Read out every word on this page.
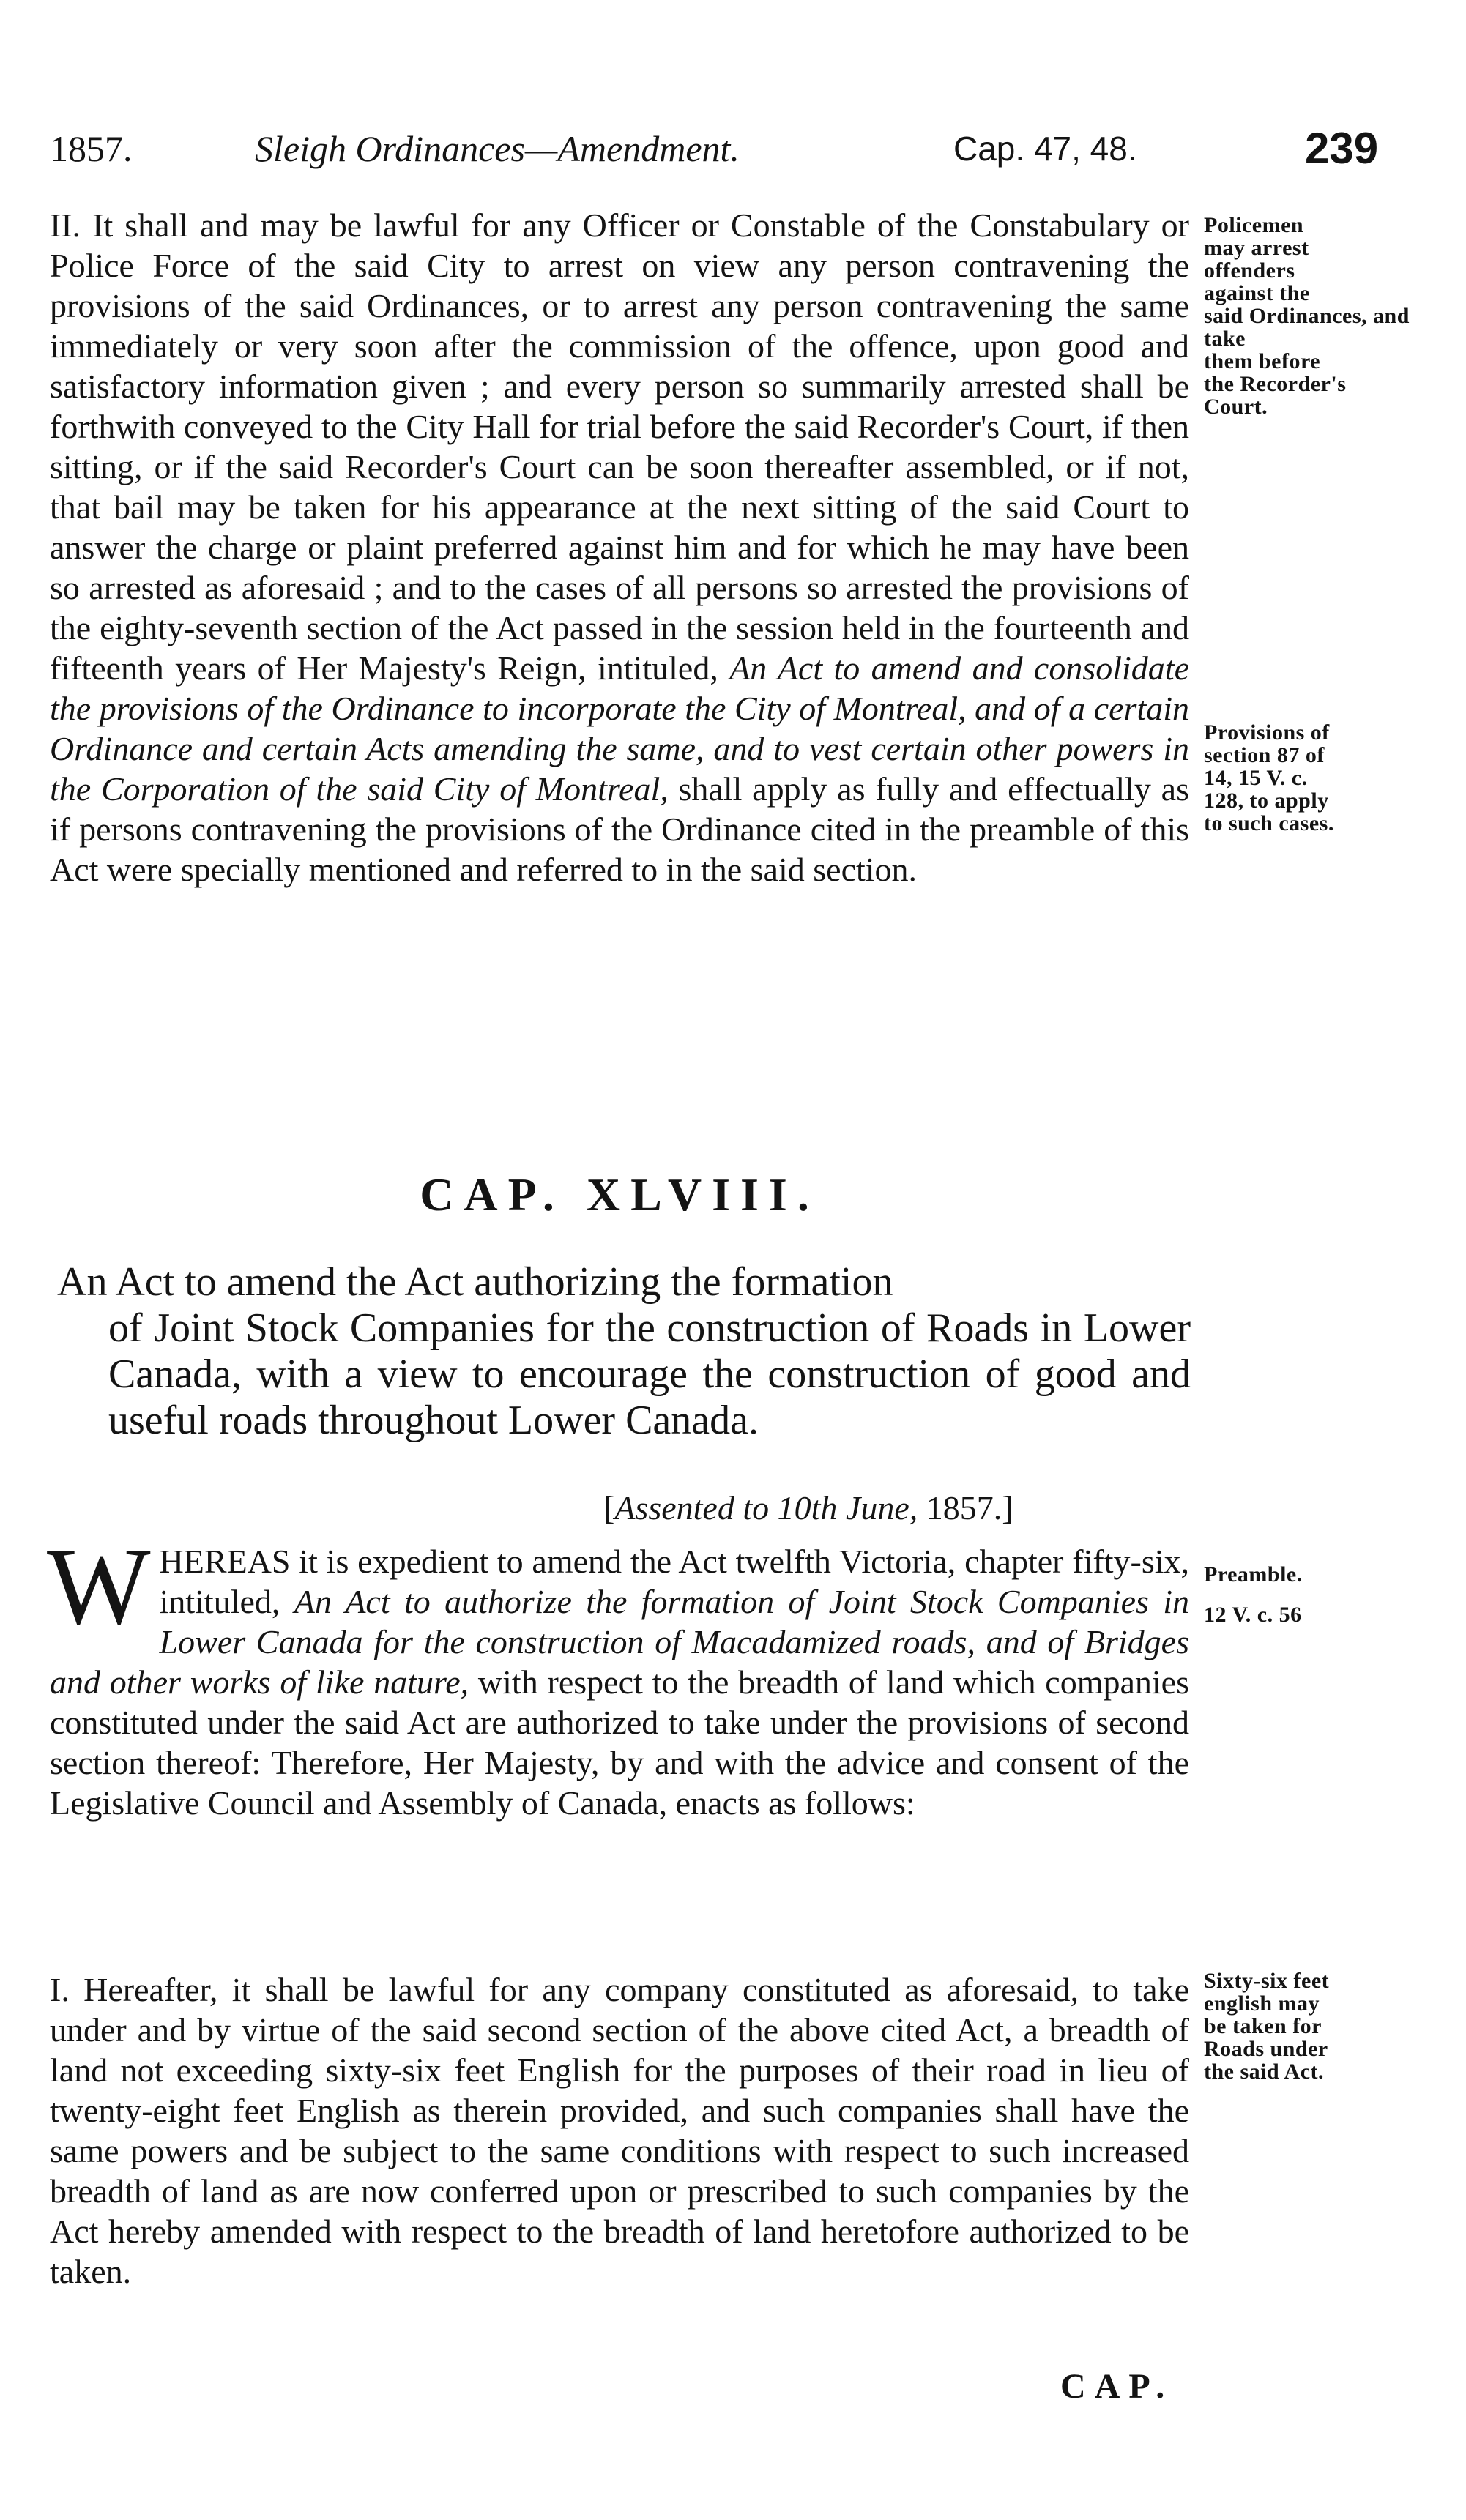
1857.	Sleigh Ordinances—Amendment.	Cap. 47, 48.	239

II. It shall and may be lawful for any Officer or Constable of the Constabulary or Police Force of the said City to arrest on view any person contravening the provisions of the said Ordinances, or to arrest any person contravening the same immediately or very soon after the commission of the offence, upon good and satisfactory information given ; and every person so summarily arrested shall be forthwith conveyed to the City Hall for trial before the said Recorder's Court, if then sitting, or if the said Recorder's Court can be soon thereafter assembled, or if not, that bail may be taken for his appearance at the next sitting of the said Court to answer the charge or plaint preferred against him and for which he may have been so arrested as aforesaid ; and to the cases of all persons so arrested the provisions of the eighty-seventh section of the Act passed in the session held in the fourteenth and fifteenth years of Her Majesty's Reign, intituled, An Act to amend and consolidate the provisions of the Ordinance to incorporate the City of Montreal, and of a certain Ordinance and certain Acts amending the same, and to vest certain other powers in the Corporation of the said City of Montreal, shall apply as fully and effectually as if persons contravening the provisions of the Ordinance cited in the preamble of this Act were specially mentioned and referred to in the said section.

Policemen
may arrest
offenders
against the
said Ordinances, and take
them before
the Recorder's
Court.
Provisions of
section 87 of
14, 15 V. c.
128, to apply
to such cases.
CAP. XLVIII.
An Act to amend the Act authorizing the formation
of Joint Stock Companies for the construction of Roads in Lower Canada, with a view to encourage the construction of good and useful roads throughout Lower Canada.
[Assented to 10th June, 1857.]

WHEREAS it is expedient to amend the Act twelfth Victoria, chapter fifty-six, intituled, An Act to authorize the formation of Joint Stock Companies in Lower Canada for the construction of Macadamized roads, and of Bridges and other works of like nature, with respect to the breadth of land which companies constituted under the said Act are authorized to take under the provisions of second section thereof: Therefore, Her Majesty, by and with the advice and consent of the Legislative Council and Assembly of Canada, enacts as follows:

Preamble.
12 V. c. 56

I. Hereafter, it shall be lawful for any company constituted as aforesaid, to take under and by virtue of the said second section of the above cited Act, a breadth of land not exceeding sixty-six feet English for the purposes of their road in lieu of twenty-eight feet English as therein provided, and such companies shall have the same powers and be subject to the same conditions with respect to such increased breadth of land as are now conferred upon or prescribed to such companies by the Act hereby amended with respect to the breadth of land heretofore authorized to be taken.

Sixty-six feet
english may
be taken for
Roads under
the said Act.
CAP.
